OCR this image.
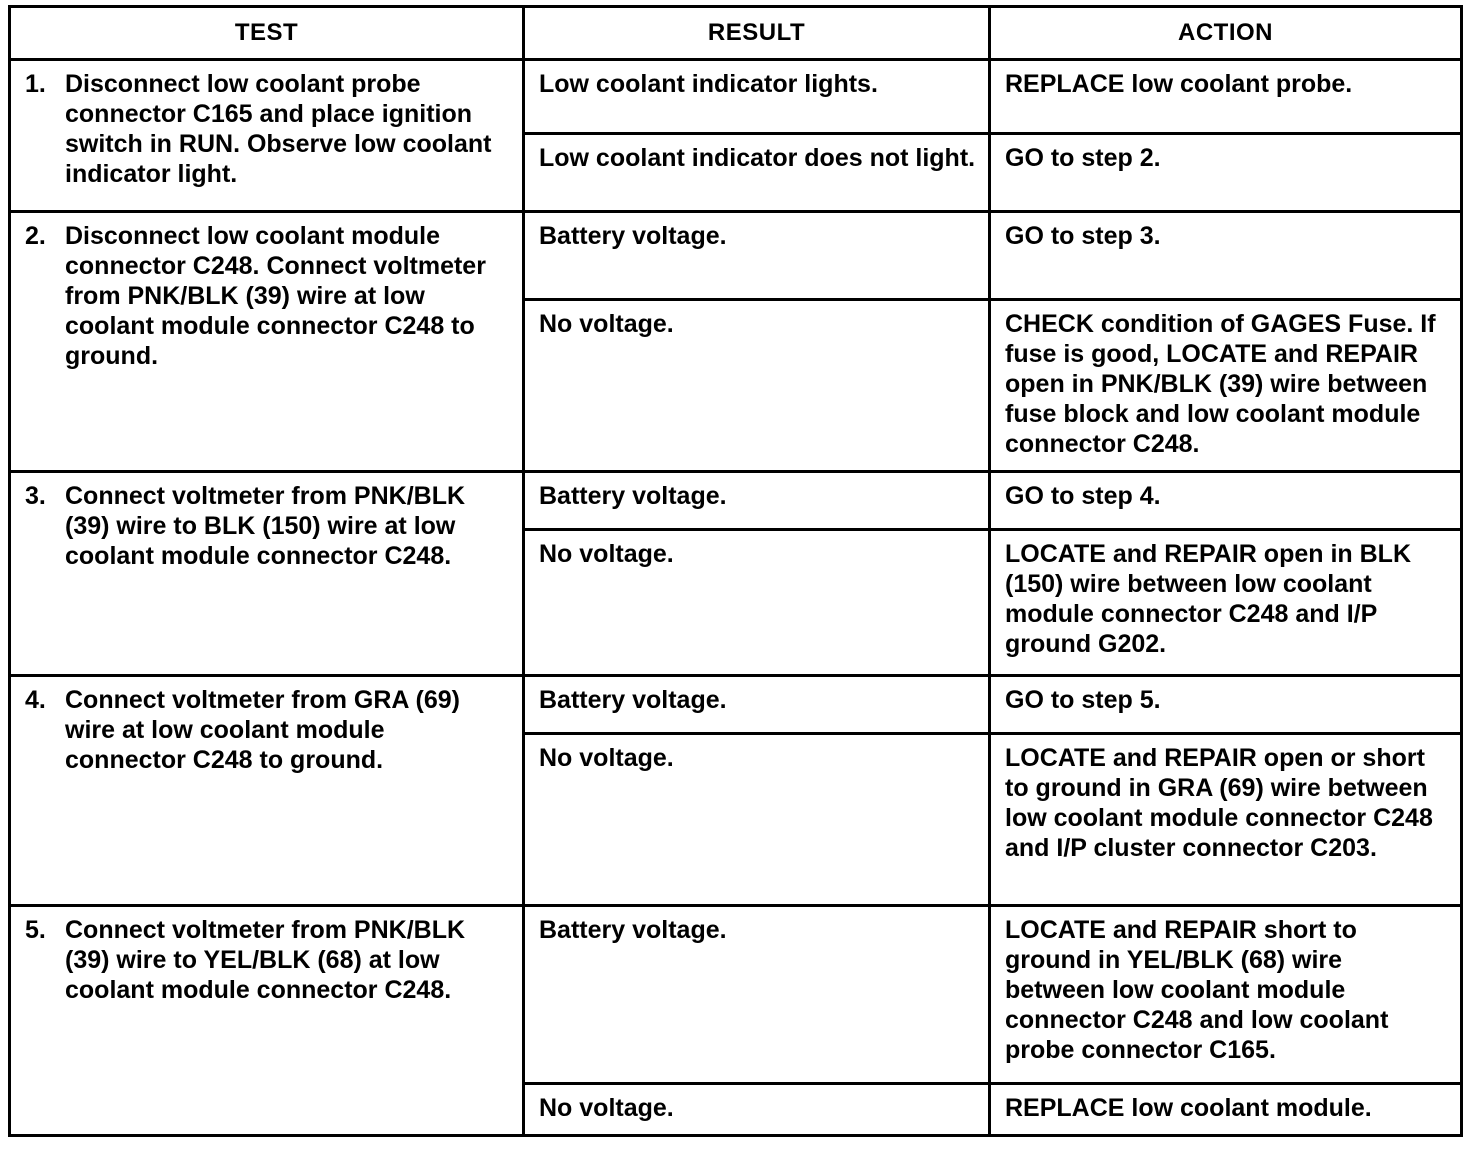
TEST	RESULT	ACTION

1. Disconnect low coolant probe connector C165 and place ignition switch in RUN. Observe low coolant indicator light.	Low coolant indicator lights.	REPLACE low coolant probe.
	Low coolant indicator does not light.	GO to step 2.

2. Disconnect low coolant module connector C248. Connect voltmeter from PNK/BLK (39) wire at low coolant module connector C248 to ground.	Battery voltage.	GO to step 3.
	No voltage.	CHECK condition of GAGES Fuse. If fuse is good, LOCATE and REPAIR open in PNK/BLK (39) wire between fuse block and low coolant module connector C248.

3. Connect voltmeter from PNK/BLK (39) wire to BLK (150) wire at low coolant module connector C248.	Battery voltage.	GO to step 4.
	No voltage.	LOCATE and REPAIR open in BLK (150) wire between low coolant module connector C248 and I/P ground G202.

4. Connect voltmeter from GRA (69) wire at low coolant module connector C248 to ground.	Battery voltage.	GO to step 5.
	No voltage.	LOCATE and REPAIR open or short to ground in GRA (69) wire between low coolant module connector C248 and I/P cluster connector C203.

5. Connect voltmeter from PNK/BLK (39) wire to YEL/BLK (68) at low coolant module connector C248.	Battery voltage.	LOCATE and REPAIR short to ground in YEL/BLK (68) wire between low coolant module connector C248 and low coolant probe connector C165.
	No voltage.	REPLACE low coolant module.
